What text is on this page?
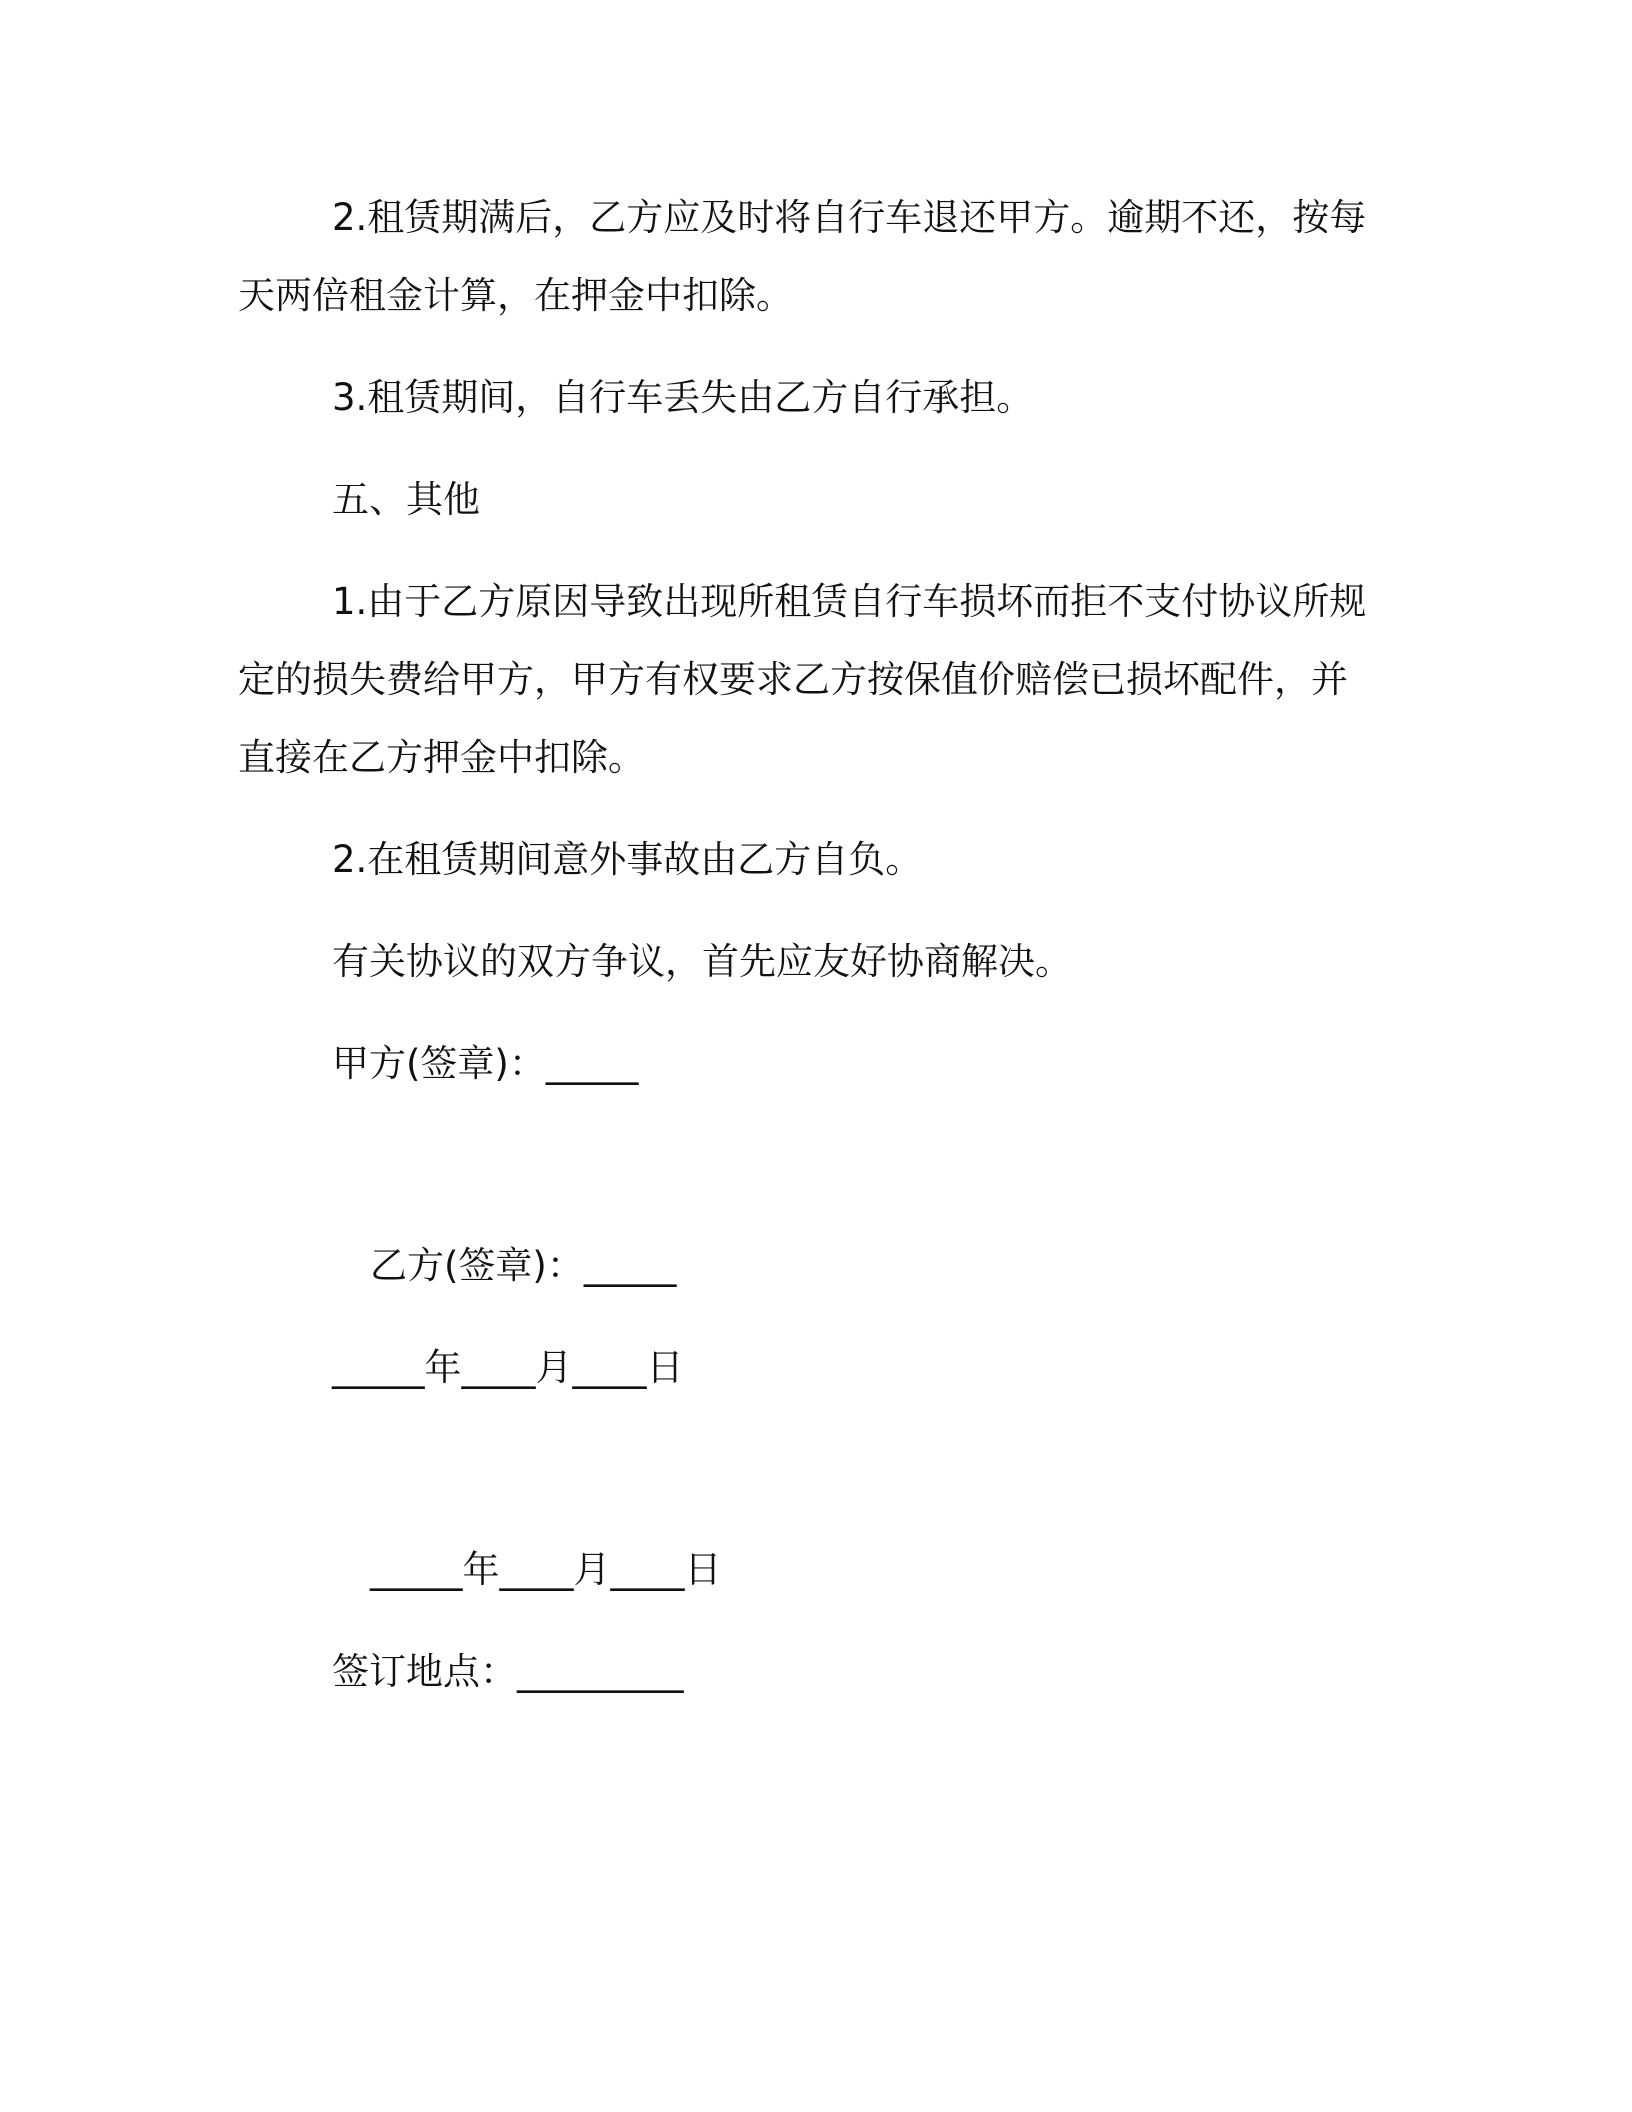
2.租赁期满后，乙方应及时将自行车退还甲方。逾期不还，按每
天两倍租金计算，在押金中扣除。
3.租赁期间，自行车丢失由乙方自行承担。
五、其他
1.由于乙方原因导致出现所租赁自行车损坏而拒不支付协议所规
定的损失费给甲方，甲方有权要求乙方按保值价赔偿已损坏配件，并
直接在乙方押金中扣除。
2.在租赁期间意外事故由乙方自负。
有关协议的双方争议，首先应友好协商解决。
甲方(签章)：_____
乙方(签章)：_____
_____年____月____日
_____年____月____日
签订地点：_________
